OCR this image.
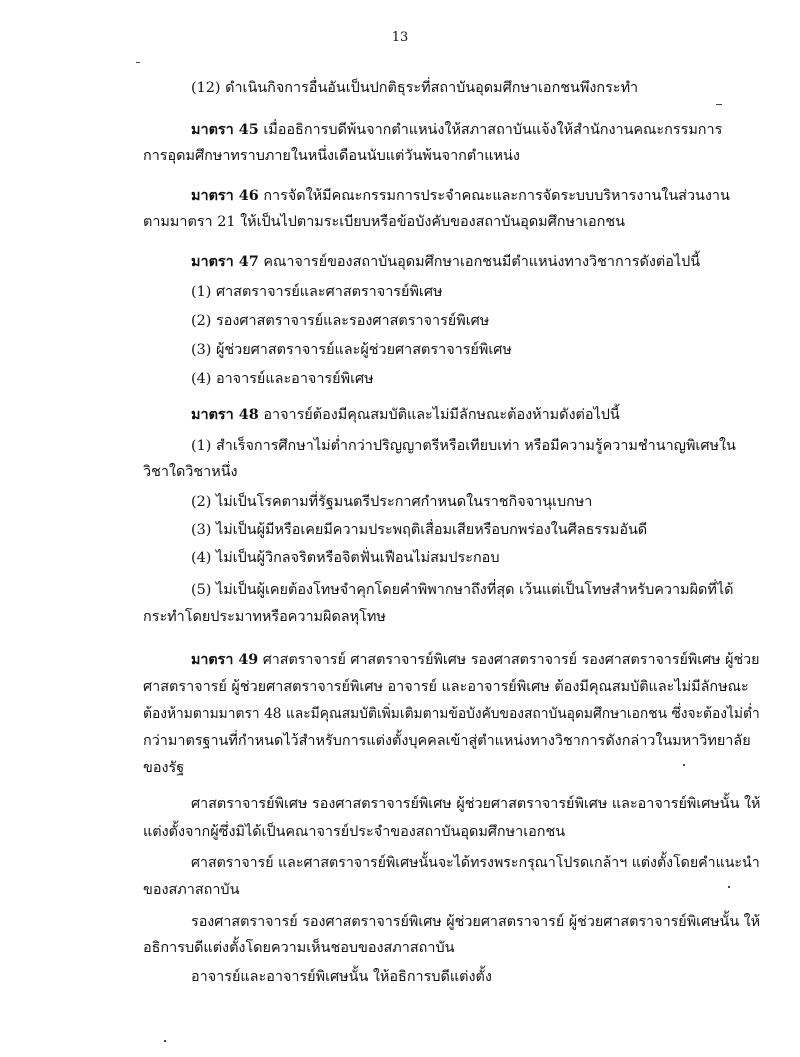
13
(12) ดำเนินกิจการอื่นอันเป็นปกติธุระที่สถาบันอุดมศึกษาเอกชนพึงกระทำ
มาตรา 45 เมื่ออธิการบดีพ้นจากตำแหน่งให้สภาสถาบันแจ้งให้สำนักงานคณะกรรมการ
การอุดมศึกษาทราบภายในหนึ่งเดือนนับแต่วันพ้นจากตำแหน่ง
มาตรา 46 การจัดให้มีคณะกรรมการประจำคณะและการจัดระบบบริหารงานในส่วนงาน
ตามมาตรา 21 ให้เป็นไปตามระเบียบหรือข้อบังคับของสถาบันอุดมศึกษาเอกชน
มาตรา 47 คณาจารย์ของสถาบันอุดมศึกษาเอกชนมีตำแหน่งทางวิชาการดังต่อไปนี้
(1) ศาสตราจารย์และศาสตราจารย์พิเศษ
(2) รองศาสตราจารย์และรองศาสตราจารย์พิเศษ
(3) ผู้ช่วยศาสตราจารย์และผู้ช่วยศาสตราจารย์พิเศษ
(4) อาจารย์และอาจารย์พิเศษ
มาตรา 48 อาจารย์ต้องมีคุณสมบัติและไม่มีลักษณะต้องห้ามดังต่อไปนี้
(1) สำเร็จการศึกษาไม่ต่ำกว่าปริญญาตรีหรือเทียบเท่า หรือมีความรู้ความชำนาญพิเศษใน
วิชาใดวิชาหนึ่ง
(2) ไม่เป็นโรคตามที่รัฐมนตรีประกาศกำหนดในราชกิจจานุเบกษา
(3) ไม่เป็นผู้มีหรือเคยมีความประพฤติเสื่อมเสียหรือบกพร่องในศีลธรรมอันดี
(4) ไม่เป็นผู้วิกลจริตหรือจิตฟั่นเฟือนไม่สมประกอบ
(5) ไม่เป็นผู้เคยต้องโทษจำคุกโดยคำพิพากษาถึงที่สุด เว้นแต่เป็นโทษสำหรับความผิดที่ได้
กระทำโดยประมาทหรือความผิดลหุโทษ
มาตรา 49 ศาสตราจารย์ ศาสตราจารย์พิเศษ รองศาสตราจารย์ รองศาสตราจารย์พิเศษ ผู้ช่วย
ศาสตราจารย์ ผู้ช่วยศาสตราจารย์พิเศษ อาจารย์ และอาจารย์พิเศษ ต้องมีคุณสมบัติและไม่มีลักษณะ
ต้องห้ามตามมาตรา 48 และมีคุณสมบัติเพิ่มเติมตามข้อบังคับของสถาบันอุดมศึกษาเอกชน ซึ่งจะต้องไม่ต่ำ
กว่ามาตรฐานที่กำหนดไว้สำหรับการแต่งตั้งบุคคลเข้าสู่ตำแหน่งทางวิชาการดังกล่าวในมหาวิทยาลัย
ของรัฐ
ศาสตราจารย์พิเศษ รองศาสตราจารย์พิเศษ ผู้ช่วยศาสตราจารย์พิเศษ และอาจารย์พิเศษนั้น ให้
แต่งตั้งจากผู้ซึ่งมิได้เป็นคณาจารย์ประจำของสถาบันอุดมศึกษาเอกชน
ศาสตราจารย์ และศาสตราจารย์พิเศษนั้นจะได้ทรงพระกรุณาโปรดเกล้าฯ แต่งตั้งโดยคำแนะนำ
ของสภาสถาบัน
รองศาสตราจารย์ รองศาสตราจารย์พิเศษ ผู้ช่วยศาสตราจารย์ ผู้ช่วยศาสตราจารย์พิเศษนั้น ให้
อธิการบดีแต่งตั้งโดยความเห็นชอบของสภาสถาบัน
อาจารย์และอาจารย์พิเศษนั้น ให้อธิการบดีแต่งตั้ง
